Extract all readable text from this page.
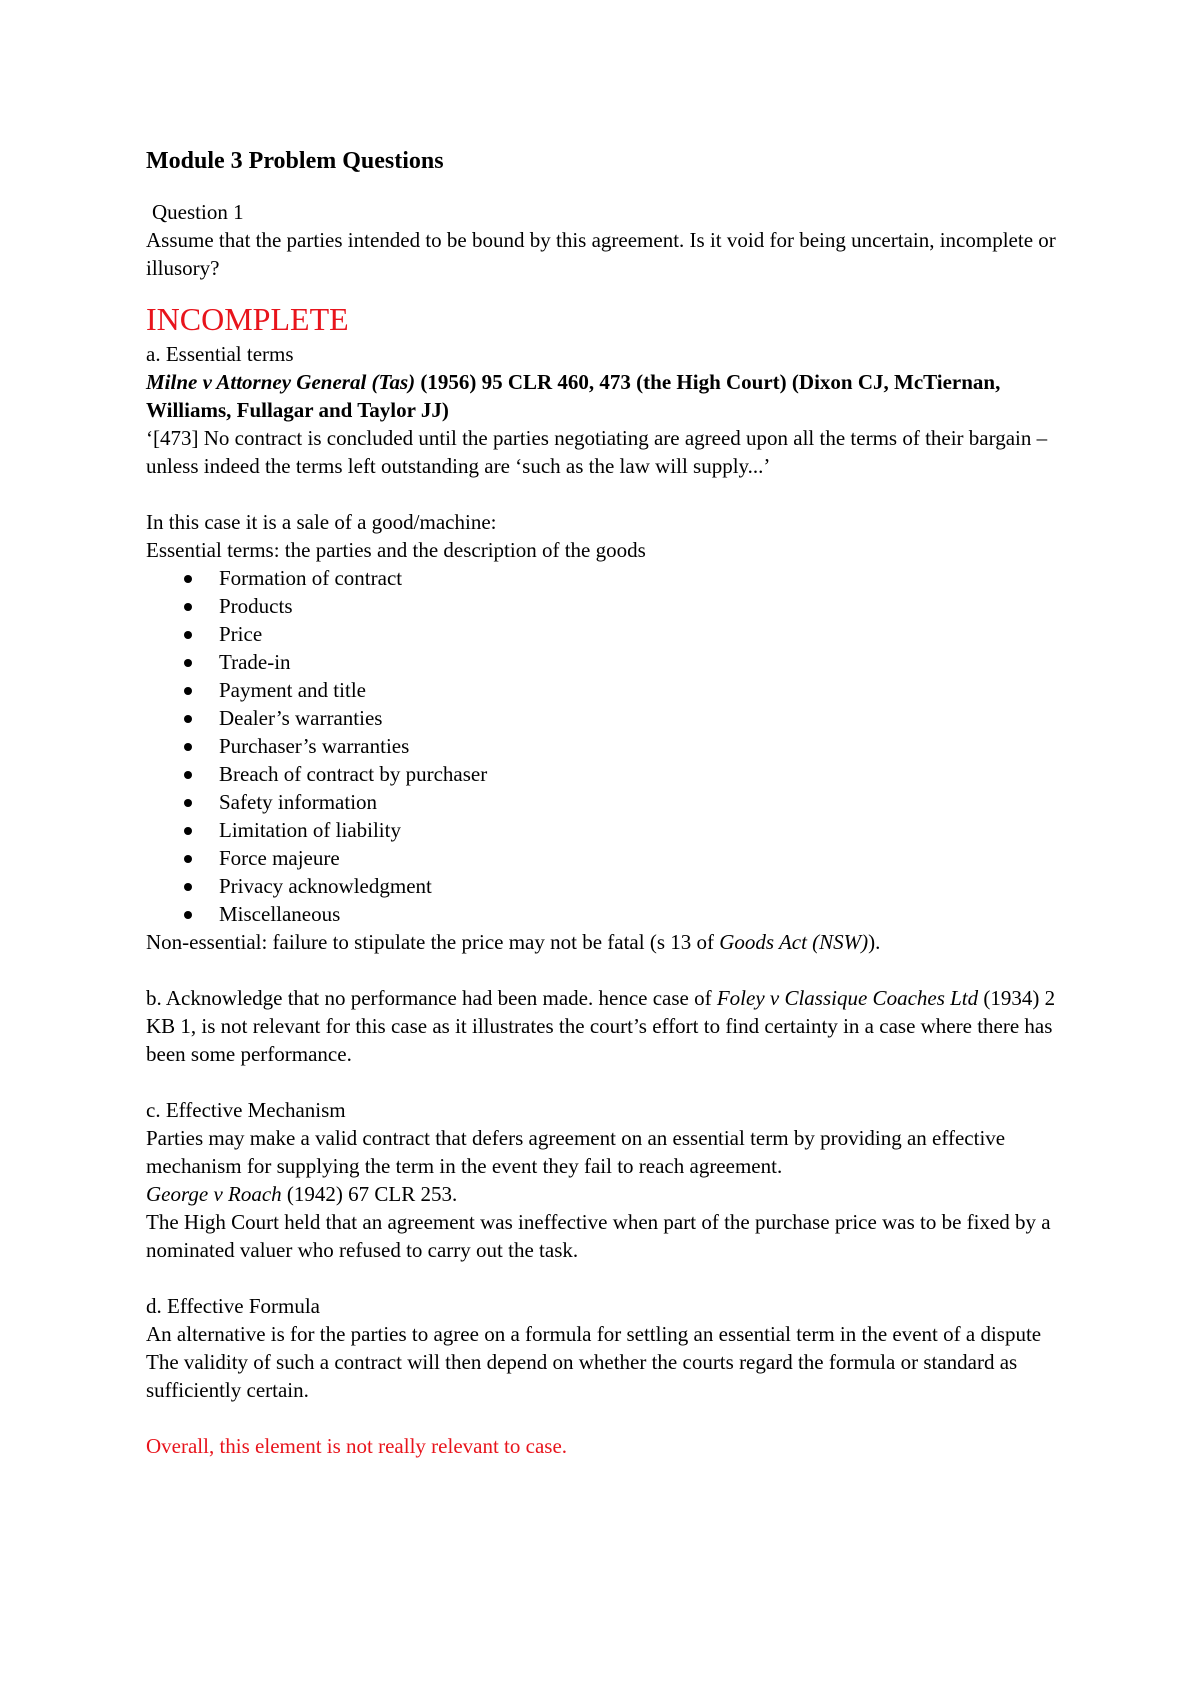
Module 3 Problem Questions

Question 1

Assume that the parties intended to be bound by this agreement. Is it void for being uncertain, incomplete or illusory?

INCOMPLETE

a. Essential terms

Milne v Attorney General (Tas) (1956) 95 CLR 460, 473 (the High Court) (Dixon CJ, McTiernan, Williams, Fullagar and Taylor JJ)

‘[473] No contract is concluded until the parties negotiating are agreed upon all the terms of their bargain – unless indeed the terms left outstanding are ‘such as the law will supply...’

In this case it is a sale of a good/machine:

Essential terms: the parties and the description of the goods

Formation of contract
Products
Price
Trade-in
Payment and title
Dealer’s warranties
Purchaser’s warranties
Breach of contract by purchaser
Safety information
Limitation of liability
Force majeure
Privacy acknowledgment
Miscellaneous

Non-essential: failure to stipulate the price may not be fatal (s 13 of Goods Act (NSW)).

b. Acknowledge that no performance had been made. hence case of Foley v Classique Coaches Ltd (1934) 2 KB 1, is not relevant for this case as it illustrates the court’s effort to find certainty in a case where there has been some performance.

c. Effective Mechanism

Parties may make a valid contract that defers agreement on an essential term by providing an effective mechanism for supplying the term in the event they fail to reach agreement.

George v Roach (1942) 67 CLR 253.

The High Court held that an agreement was ineffective when part of the purchase price was to be fixed by a nominated valuer who refused to carry out the task.

d. Effective Formula

An alternative is for the parties to agree on a formula for settling an essential term in the event of a dispute

The validity of such a contract will then depend on whether the courts regard the formula or standard as sufficiently certain.

Overall, this element is not really relevant to case.
